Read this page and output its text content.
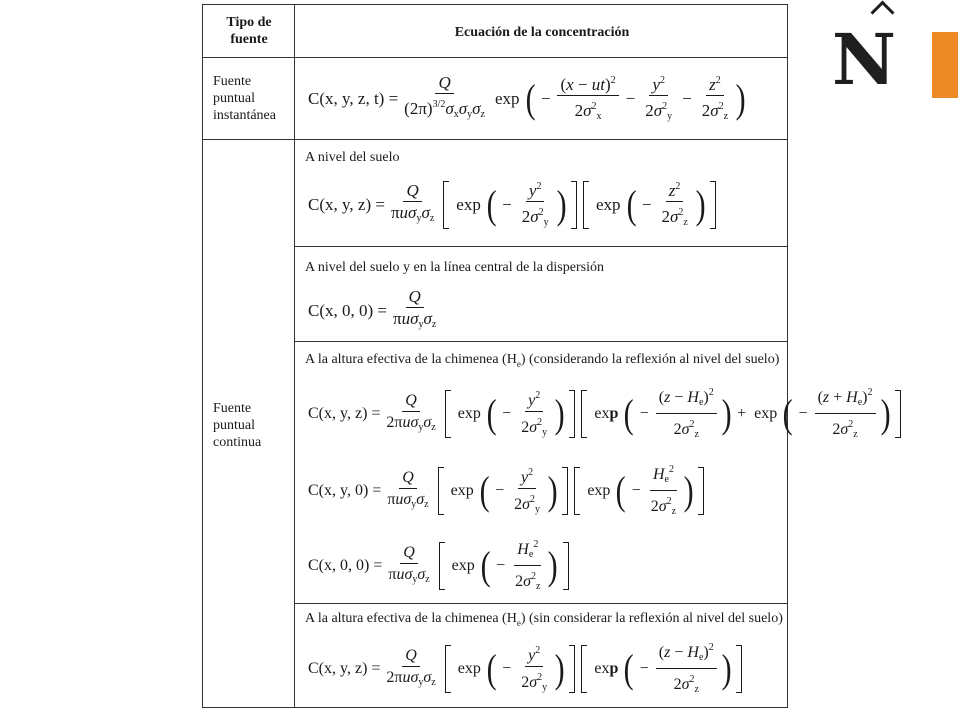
Tipo de fuente	Ecuación de la concentración
Fuente puntual instantánea
C(x, y, z, $t) = \frac{Q}{(2\pi)^{3/2}\sigma x\sigma y\sigma z}$ exp ( − $\frac{(x - ut)^2}{2\sigma^2x} - \frac{y^2}{2\sigma^2y} - \frac{z^2}{2\sigma^2z}$ )
Fuente puntual continua
A nivel del suelo
C(x, y, $z) = \frac{Q}{\text{πuσyσz}}$ exp ( − $\frac{y^2}{2\sigma^2y}$ ) exp ( − $\frac{z^2}{2\sigma^2z}$ )
A nivel del suelo y en la línea central de la dispersión
C(x, 0, $0) = \frac{Q}{\text{πuσyσz}}$
A la altura efectiva de la chimenea $(H_e)$ (considerando la reflexión al nivel del suelo)
C(x, y, $z) = \frac{Q}{\text{2πuσyσz}}$ exp ( − $\frac{y^2}{2\sigma^2y}$ ) exp ( − $\frac{(z - He)^2}{2\sigma^2z}$ ) + exp ( − $\frac{(z + He)^2}{2\sigma^2z}$ )
C(x, y, $0) = \frac{Q}{\text{πuσyσz}}$ exp ( − $\frac{y^2}{2\sigma^2y}$ ) exp ( − $\frac{He^2}{2\sigma^2z}$ )
C(x, 0, $0) = \frac{Q}{\text{πuσyσz}}$ exp ( − $\frac{He^2}{2\sigma^2z}$ )
A la altura efectiva de la chimenea $(H_e)$ (sin considerar la reflexión al nivel del suelo)
C(x, y, $z) = \frac{Q}{\text{2πuσyσz}}$ exp ( − $\frac{y^2}{2\sigma^2y}$ ) exp ( − $\frac{(z - He)^2}{2\sigma^2z}$ )
N
